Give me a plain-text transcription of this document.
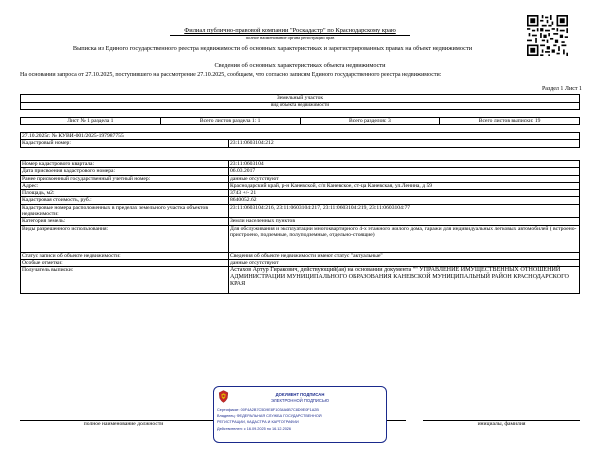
Филиал публично-правовой компании "Роскадастр" по Краснодарскому краю
полное наименование органа регистрации прав
Выписка из Единого государственного реестра недвижимости об основных характеристиках и зарегистрированных правах на объект недвижимости
Сведения об основных характеристиках объекта недвижимости
На основании запроса от 27.10.2025, поступившего на рассмотрение 27.10.2025, сообщаем, что согласно записям Единого государственного реестра недвижимости:
Раздел 1 Лист 1
Земельный участок
вид объекта недвижимости
Лист № 1 раздела 1	Всего листов раздела 1: 1	Всего разделов: 3	Всего листов выписки: 19
27.10.2025г. № КУВИ-001/2025-197987755
Кадастровый номер:	23:11:0603104:212
Номер кадастрового квартала:	23:11:0603104
Дата присвоения кадастрового номера:	06.03.2017
Ранее присвоенный государственный учетный номер:	данные отсутствуют
Адрес:	Краснодарский край, р-н Каневской, с/п Каневское, ст-ца Каневская, ул.Ленина, д 59
Площадь, м2:	3743 +/- 21
Кадастровая стоимость, руб.:	8640052.62
Кадастровые номера расположенных в пределах земельного участка объектов недвижимости:	23:11:0603104:216, 23:11:0603104:217, 23:11:0603104:219, 23:11:0603104:77
Категория земель:	Земли населенных пунктов
Виды разрешенного использования:	Для обслуживания и эксплуатации многоквартирного 4-х этажного жилого дома, гаражи для индивидуальных легковых автомобилей ( встроено-пристроено, подземные, полуподземные, отдельно-стоящие)
Статус записи об объекте недвижимости:	Сведения об объекте недвижимости имеют статус "актуальные"
Особые отметки:	данные отсутствуют
Получатель выписки:	Астахов Артур Гиракович, действующий(ая) на основании документа "" УПРАВЛЕНИЕ ИМУЩЕСТВЕННЫХ ОТНОШЕНИЙ АДМИНИСТРАЦИИ МУНИЦИПАЛЬНОГО ОБРАЗОВАНИЯ КАНЕВСКОЙ МУНИЦИПАЛЬНЫЙ РАЙОН КРАСНОДАРСКОГО КРАЯ

полное наименование должности				инициалы, фамилия
ДОКУМЕНТ ПОДПИСАН
ЭЛЕКТРОННОЙ ПОДПИСЬЮ
Сертификат: 00F4A2B7C5D9E8F1034A6B7C8D9E0F1A2B
Владелец: ФЕДЕРАЛЬНАЯ СЛУЖБА ГОСУДАРСТВЕННОЙ
РЕГИСТРАЦИИ, КАДАСТРА И КАРТОГРАФИИ
Действителен: с 16.09.2025 по 16.12.2026
